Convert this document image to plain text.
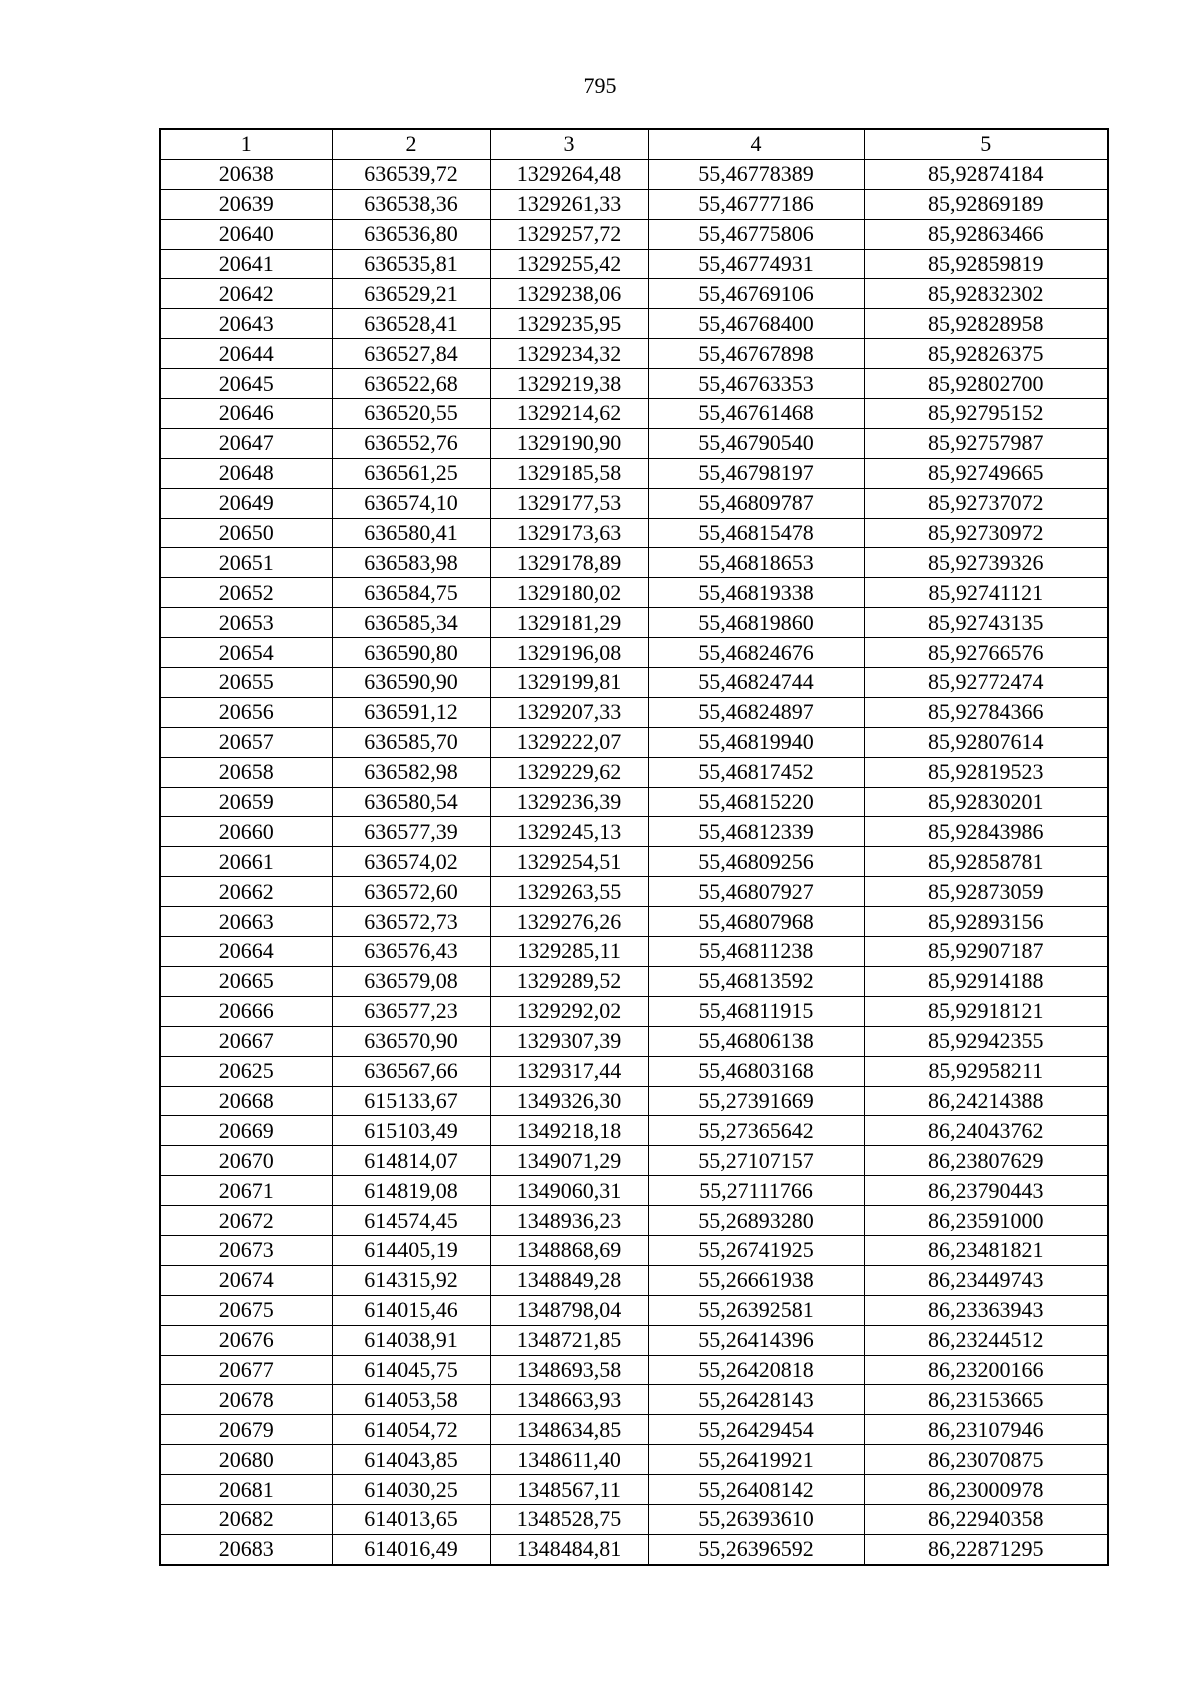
795
1	2	3	4	5
20638	636539,72	1329264,48	55,46778389	85,92874184
20639	636538,36	1329261,33	55,46777186	85,92869189
20640	636536,80	1329257,72	55,46775806	85,92863466
20641	636535,81	1329255,42	55,46774931	85,92859819
20642	636529,21	1329238,06	55,46769106	85,92832302
20643	636528,41	1329235,95	55,46768400	85,92828958
20644	636527,84	1329234,32	55,46767898	85,92826375
20645	636522,68	1329219,38	55,46763353	85,92802700
20646	636520,55	1329214,62	55,46761468	85,92795152
20647	636552,76	1329190,90	55,46790540	85,92757987
20648	636561,25	1329185,58	55,46798197	85,92749665
20649	636574,10	1329177,53	55,46809787	85,92737072
20650	636580,41	1329173,63	55,46815478	85,92730972
20651	636583,98	1329178,89	55,46818653	85,92739326
20652	636584,75	1329180,02	55,46819338	85,92741121
20653	636585,34	1329181,29	55,46819860	85,92743135
20654	636590,80	1329196,08	55,46824676	85,92766576
20655	636590,90	1329199,81	55,46824744	85,92772474
20656	636591,12	1329207,33	55,46824897	85,92784366
20657	636585,70	1329222,07	55,46819940	85,92807614
20658	636582,98	1329229,62	55,46817452	85,92819523
20659	636580,54	1329236,39	55,46815220	85,92830201
20660	636577,39	1329245,13	55,46812339	85,92843986
20661	636574,02	1329254,51	55,46809256	85,92858781
20662	636572,60	1329263,55	55,46807927	85,92873059
20663	636572,73	1329276,26	55,46807968	85,92893156
20664	636576,43	1329285,11	55,46811238	85,92907187
20665	636579,08	1329289,52	55,46813592	85,92914188
20666	636577,23	1329292,02	55,46811915	85,92918121
20667	636570,90	1329307,39	55,46806138	85,92942355
20625	636567,66	1329317,44	55,46803168	85,92958211
20668	615133,67	1349326,30	55,27391669	86,24214388
20669	615103,49	1349218,18	55,27365642	86,24043762
20670	614814,07	1349071,29	55,27107157	86,23807629
20671	614819,08	1349060,31	55,27111766	86,23790443
20672	614574,45	1348936,23	55,26893280	86,23591000
20673	614405,19	1348868,69	55,26741925	86,23481821
20674	614315,92	1348849,28	55,26661938	86,23449743
20675	614015,46	1348798,04	55,26392581	86,23363943
20676	614038,91	1348721,85	55,26414396	86,23244512
20677	614045,75	1348693,58	55,26420818	86,23200166
20678	614053,58	1348663,93	55,26428143	86,23153665
20679	614054,72	1348634,85	55,26429454	86,23107946
20680	614043,85	1348611,40	55,26419921	86,23070875
20681	614030,25	1348567,11	55,26408142	86,23000978
20682	614013,65	1348528,75	55,26393610	86,22940358
20683	614016,49	1348484,81	55,26396592	86,22871295
